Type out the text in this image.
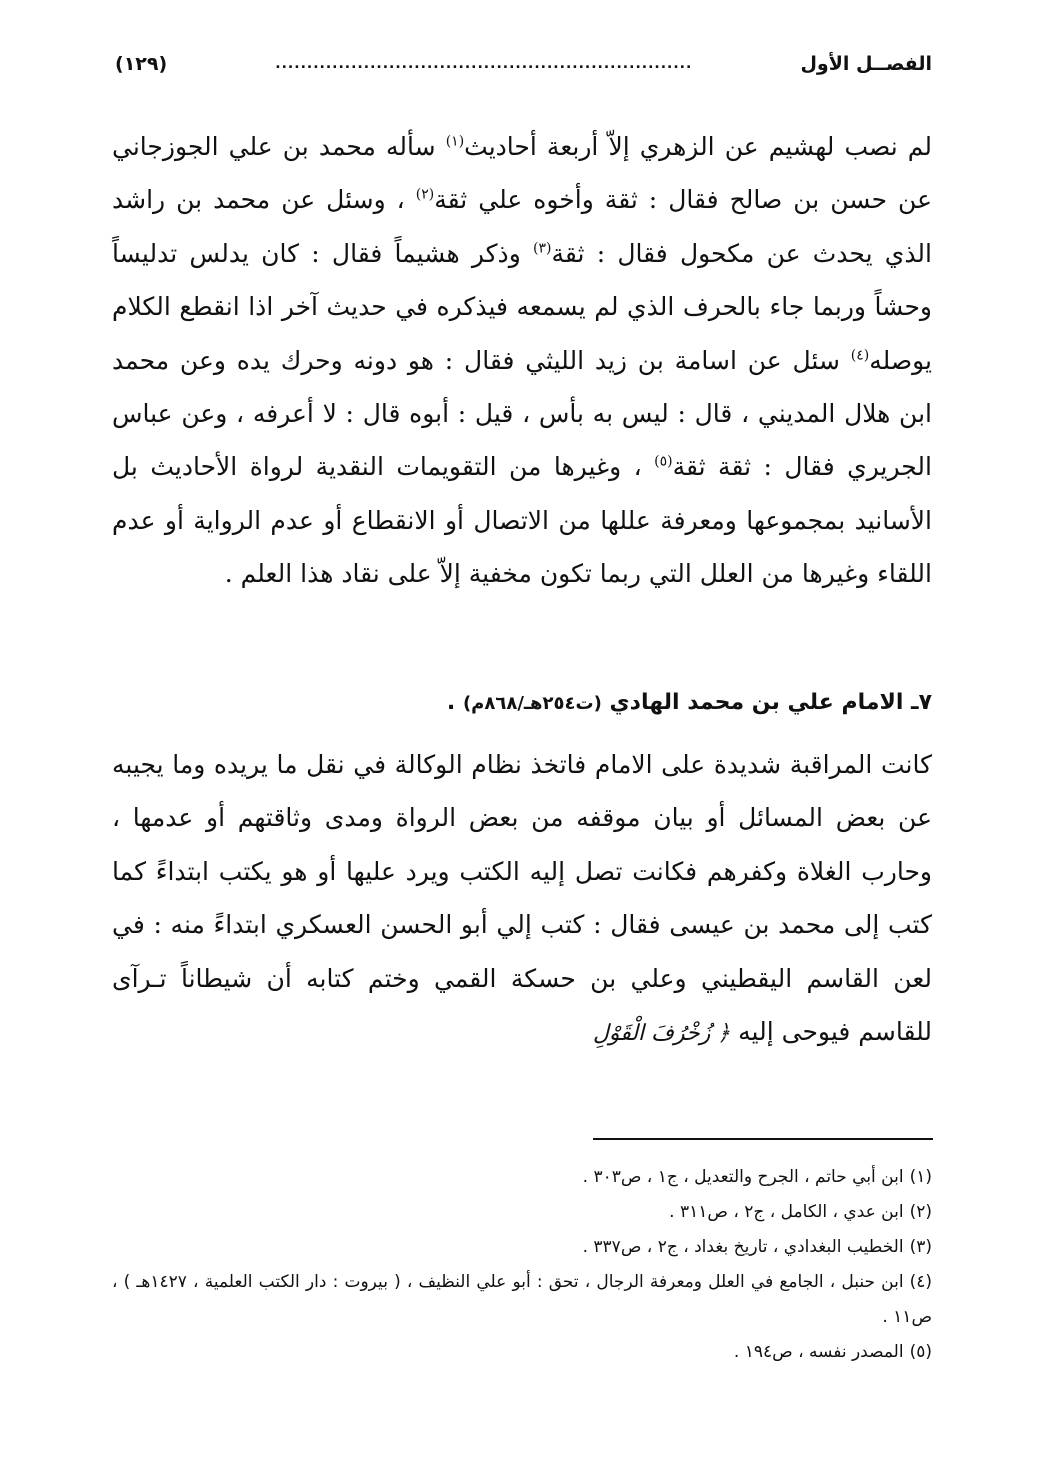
الفصــل الأول
..................................................................
(١٢٩)

لم نصب لهشيم عن الزهري إلاّ أربعة أحاديث$^{(١)}$ سأله محمد بن علي الجوزجاني عن حسن بن صالح فقال : ثقة وأخوه علي ثقة$^{(٢)}$ ، وسئل عن محمد بن راشد الذي يحدث عن مكحول فقال : ثقة$^{(٣)}$ وذكر هشيماً فقال : كان يدلس تدليساً وحشاً وربما جاء بالحرف الذي لم يسمعه فيذكره في حديث آخر اذا انقطع الكلام يوصله$^{(٤)}$ سئل عن اسامة بن زيد الليثي فقال : هو دونه وحرك يده وعن محمد ابن هلال المديني ، قال : ليس به بأس ، قيل : أبوه قال : لا أعرفه ، وعن عباس الجريري فقال : ثقة ثقة$^{(٥)}$ ، وغيرها من التقويمات النقدية لرواة الأحاديث بل الأسانيد بمجموعها ومعرفة عللها من الاتصال أو الانقطاع أو عدم الرواية أو عدم اللقاء وغيرها من العلل التي ربما تكون مخفية إلاّ على نقاد هذا العلم .

٧ـ الامام علي بن محمد الهادي (ت٢٥٤هـ/٨٦٨م) .

كانت المراقبة شديدة على الامام فاتخذ نظام الوكالة في نقل ما يريده وما يجيبه عن بعض المسائل أو بيان موقفه من بعض الرواة ومدى وثاقتهم أو عدمها ، وحارب الغلاة وكفرهم فكانت تصل إليه الكتب ويرد عليها أو هو يكتب ابتداءً كما كتب إلى محمد بن عيسى فقال : كتب إلي أبو الحسن العسكري ابتداءً منه : في لعن القاسم اليقطيني وعلي بن حسكة القمي وختم كتابه أن شيطاناً تـرآى للقاسم فيوحى إليه ﴿ زُخْرُفَ الْقَوْلِ

(١)ابن أبي حاتم ، الجرح والتعديل ، ج١ ، ص٣٠٣ .

(٢)ابن عدي ، الكامل ، ج٢ ، ص٣١١ .

(٣)الخطيب البغدادي ، تاريخ بغداد ، ج٢ ، ص٣٣٧ .

(٤)ابن حنبل ، الجامع في العلل ومعرفة الرجال ، تحق : أبو علي النظيف ، ( بيروت : دار الكتب العلمية ، ١٤٢٧هـ ) ، ص١١ .

(٥)المصدر نفسه ، ص١٩٤ .
